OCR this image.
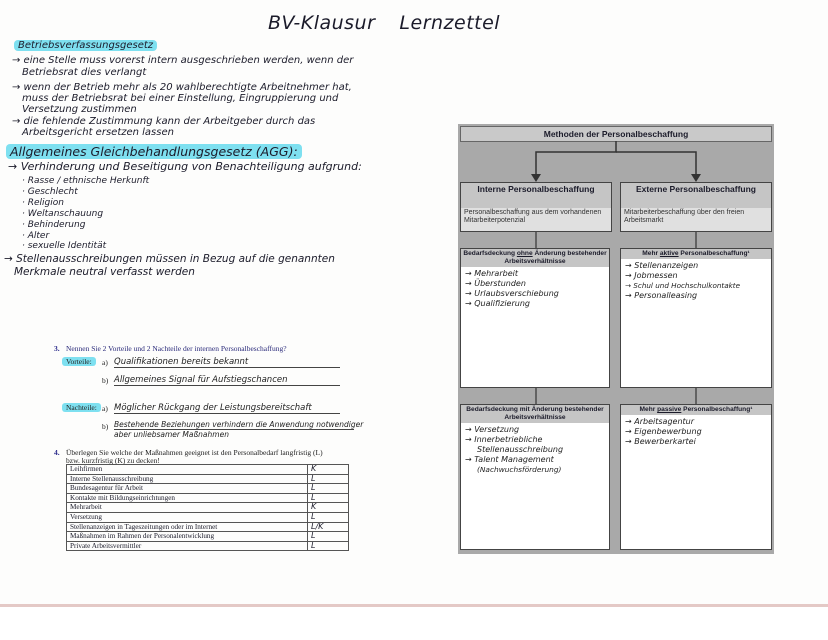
BV-Klausur Lernzettel
Betriebsverfassungsgesetz
→ eine Stelle muss vorerst intern ausgeschrieben werden, wenn der
Betriebsrat dies verlangt
→ wenn der Betrieb mehr als 20 wahlberechtigte Arbeitnehmer hat,
muss der Betriebsrat bei einer Einstellung, Eingruppierung und
Versetzung zustimmen
→ die fehlende Zustimmung kann der Arbeitgeber durch das
Arbeitsgericht ersetzen lassen
Allgemeines Gleichbehandlungsgesetz (AGG):
→ Verhinderung und Beseitigung von Benachteiligung aufgrund:
· Rasse / ethnische Herkunft
· Geschlecht
· Religion
· Weltanschauung
· Behinderung
· Alter
· sexuelle Identität
→ Stellenausschreibungen müssen in Bezug auf die genannten
Merkmale neutral verfasst werden
3. Nennen Sie 2 Vorteile und 2 Nachteile der internen Personalbeschaffung?
Vorteile:	a) Qualifikationen bereits bekannt
b) Allgemeines Signal für Aufstiegschancen
Nachteile: a) Möglicher Rückgang der Leistungsbereitschaft
b) Bestehende Beziehungen verhindern die Anwendung notwendiger
aber unliebsamer Maßnahmen
4. Überlegen Sie welche der Maßnahmen geeignet ist den Personalbedarf langfristig (L)
bzw. kurzfristig (K) zu decken!
Leihfirmen	K
Interne Stellenausschreibung	L
Bundesagentur für Arbeit	L
Kontakte mit Bildungseinrichtungen	L
Mehrarbeit	K
Versetzung	L
Stellenanzeigen in Tageszeitungen oder im Internet	L/K
Maßnahmen im Rahmen der Personalentwicklung	L
Private Arbeitsvermittler	L
Methoden der Personalbeschaffung
Interne Personalbeschaffung
Personalbeschaffung aus dem vorhandenen Mitarbeiterpotenzial
Externe Personalbeschaffung
Mitarbeiterbeschaffung über den freien Arbeitsmarkt
Bedarfsdeckung ohne Änderung bestehender Arbeitsverhältnisse
→ Mehrarbeit
→ Überstunden
→ Urlaubsverschiebung
→ Qualifizierung
Mehr aktive Personalbeschaffung¹
→ Stellenanzeigen
→ Jobmessen
→ Schul und Hochschulkontakte
→ Personalleasing
Bedarfsdeckung mit Änderung bestehender Arbeitsverhältnisse
→ Versetzung
→ Innerbetriebliche
Stellenausschreibung
→ Talent Management
(Nachwuchsförderung)
Mehr passive Personalbeschaffung¹
→ Arbeitsagentur
→ Eigenbewerbung
→ Bewerberkartei
